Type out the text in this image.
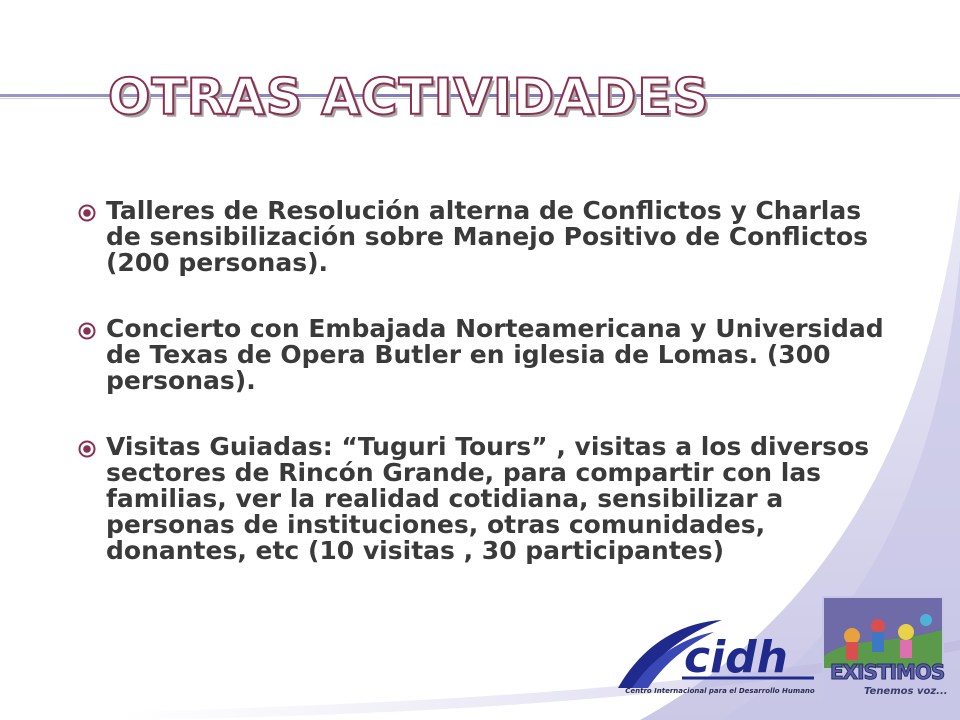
OTRAS ACTIVIDADES
Talleres de Resolución alterna de Conflictos y Charlas de sensibilización sobre Manejo Positivo de Conflictos (200 personas).
Concierto con Embajada Norteamericana y Universidad de Texas de Opera Butler en iglesia de Lomas. (300 personas).
Visitas Guiadas: “Tuguri Tours” , visitas a los diversos sectores de Rincón Grande, para compartir con las familias, ver la realidad cotidiana, sensibilizar a personas de instituciones, otras comunidades, donantes, etc (10 visitas , 30 participantes)
cidh
Centro Internacional para el Desarrollo Humano
EXISTIMOS
Tenemos voz...
